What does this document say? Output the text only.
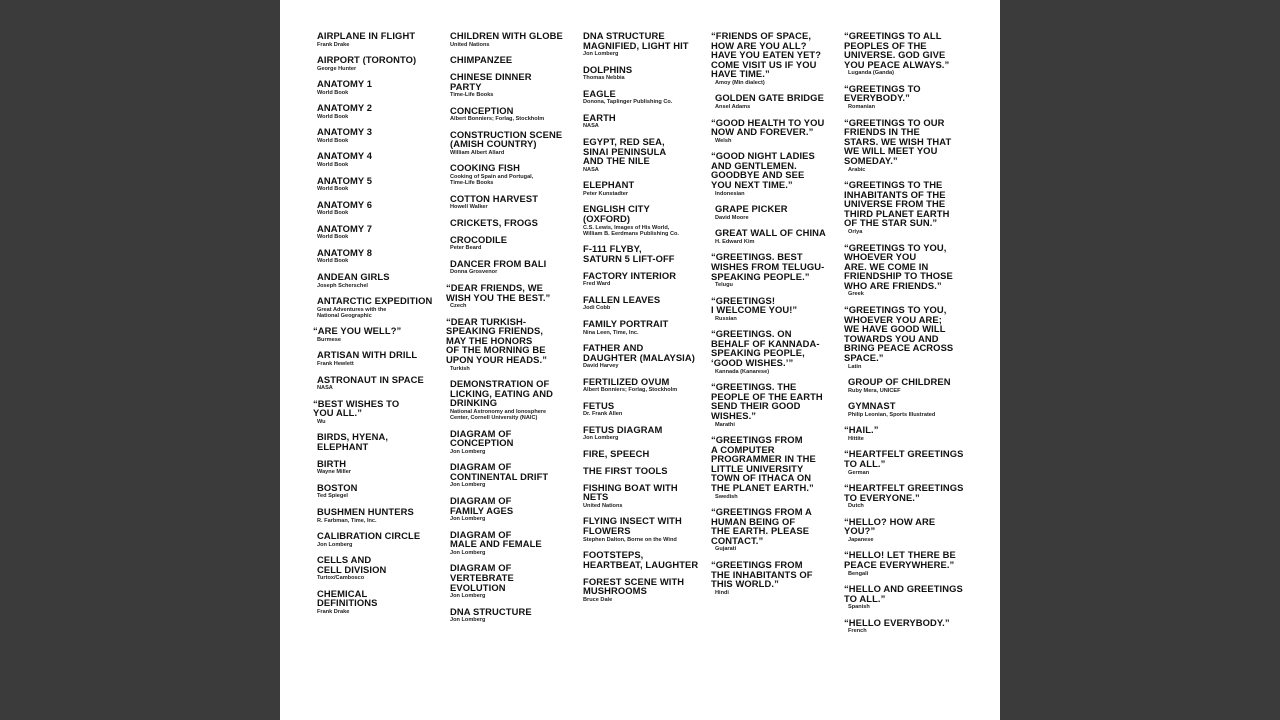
AIRPLANE IN FLIGHT
Frank Drake
AIRPORT (TORONTO)
George Hunter
ANATOMY 1
World Book
ANATOMY 2
World Book
ANATOMY 3
World Book
ANATOMY 4
World Book
ANATOMY 5
World Book
ANATOMY 6
World Book
ANATOMY 7
World Book
ANATOMY 8
World Book
ANDEAN GIRLS
Joseph Scherschel
ANTARCTIC EXPEDITION
Great Adventures with the
National Geographic
“ARE YOU WELL?”
Burmese
ARTISAN WITH DRILL
Frank Hewlett
ASTRONAUT IN SPACE
NASA
“BEST WISHES TO
YOU ALL.”
Wu
BIRDS, HYENA,
ELEPHANT
BIRTH
Wayne Miller
BOSTON
Ted Spiegel
BUSHMEN HUNTERS
R. Farbman, Time, Inc.
CALIBRATION CIRCLE
Jon Lomberg
CELLS AND
CELL DIVISION
Turtox/Cambosco
CHEMICAL
DEFINITIONS
Frank Drake
CHILDREN WITH GLOBE
United Nations
CHIMPANZEE
CHINESE DINNER
PARTY
Time-Life Books
CONCEPTION
Albert Bonniers; Forlag, Stockholm
CONSTRUCTION SCENE
(AMISH COUNTRY)
William Albert Allard
COOKING FISH
Cooking of Spain and Portugal,
Time-Life Books
COTTON HARVEST
Howell Walker
CRICKETS, FROGS
CROCODILE
Peter Beard
DANCER FROM BALI
Donna Grosvenor
“DEAR FRIENDS, WE
WISH YOU THE BEST.”
Czech
“DEAR TURKISH-
SPEAKING FRIENDS,
MAY THE HONORS
OF THE MORNING BE
UPON YOUR HEADS.”
Turkish
DEMONSTRATION OF
LICKING, EATING AND
DRINKING
National Astronomy and Ionosphere
Center, Cornell University (NAIC)
DIAGRAM OF
CONCEPTION
Jon Lomberg
DIAGRAM OF
CONTINENTAL DRIFT
Jon Lomberg
DIAGRAM OF
FAMILY AGES
Jon Lomberg
DIAGRAM OF
MALE AND FEMALE
Jon Lomberg
DIAGRAM OF
VERTEBRATE
EVOLUTION
Jon Lomberg
DNA STRUCTURE
Jon Lomberg
DNA STRUCTURE
MAGNIFIED, LIGHT HIT
Jon Lomberg
DOLPHINS
Thomas Nebbia
EAGLE
Donona, Taplinger Publishing Co.
EARTH
NASA
EGYPT, RED SEA,
SINAI PENINSULA
AND THE NILE
NASA
ELEPHANT
Peter Kunstadter
ENGLISH CITY
(OXFORD)
C.S. Lewis, Images of His World,
William B. Eerdmans Publishing Co.
F-111 FLYBY,
SATURN 5 LIFT-OFF
FACTORY INTERIOR
Fred Ward
FALLEN LEAVES
Jodi Cobb
FAMILY PORTRAIT
Nina Leen, Time, Inc.
FATHER AND
DAUGHTER (MALAYSIA)
David Harvey
FERTILIZED OVUM
Albert Bonniers; Forlag, Stockholm
FETUS
Dr. Frank Allen
FETUS DIAGRAM
Jon Lomberg
FIRE, SPEECH
THE FIRST TOOLS
FISHING BOAT WITH
NETS
United Nations
FLYING INSECT WITH
FLOWERS
Stephen Dalton, Borne on the Wind
FOOTSTEPS,
HEARTBEAT, LAUGHTER
FOREST SCENE WITH
MUSHROOMS
Bruce Dale
“FRIENDS OF SPACE,
HOW ARE YOU ALL?
HAVE YOU EATEN YET?
COME VISIT US IF YOU
HAVE TIME.”
Amoy (Min dialect)
GOLDEN GATE BRIDGE
Ansel Adams
“GOOD HEALTH TO YOU
NOW AND FOREVER.”
Welsh
“GOOD NIGHT LADIES
AND GENTLEMEN.
GOODBYE AND SEE
YOU NEXT TIME.”
Indonesian
GRAPE PICKER
David Moore
GREAT WALL OF CHINA
H. Edward Kim
“GREETINGS. BEST
WISHES FROM TELUGU-
SPEAKING PEOPLE.”
Telugu
“GREETINGS!
I WELCOME YOU!”
Russian
“GREETINGS. ON
BEHALF OF KANNADA-
SPEAKING PEOPLE,
‘GOOD WISHES.’”
Kannada (Kanarese)
“GREETINGS. THE
PEOPLE OF THE EARTH
SEND THEIR GOOD
WISHES.”
Marathi
“GREETINGS FROM
A COMPUTER
PROGRAMMER IN THE
LITTLE UNIVERSITY
TOWN OF ITHACA ON
THE PLANET EARTH.”
Swedish
“GREETINGS FROM A
HUMAN BEING OF
THE EARTH. PLEASE
CONTACT.”
Gujarati
“GREETINGS FROM
THE INHABITANTS OF
THIS WORLD.”
Hindi
“GREETINGS TO ALL
PEOPLES OF THE
UNIVERSE. GOD GIVE
YOU PEACE ALWAYS.”
Luganda (Ganda)
“GREETINGS TO
EVERYBODY.”
Romanian
“GREETINGS TO OUR
FRIENDS IN THE
STARS. WE WISH THAT
WE WILL MEET YOU
SOMEDAY.”
Arabic
“GREETINGS TO THE
INHABITANTS OF THE
UNIVERSE FROM THE
THIRD PLANET EARTH
OF THE STAR SUN.”
Oriya
“GREETINGS TO YOU,
WHOEVER YOU
ARE. WE COME IN
FRIENDSHIP TO THOSE
WHO ARE FRIENDS.”
Greek
“GREETINGS TO YOU,
WHOEVER YOU ARE;
WE HAVE GOOD WILL
TOWARDS YOU AND
BRING PEACE ACROSS
SPACE.”
Latin
GROUP OF CHILDREN
Ruby Mera, UNICEF
GYMNAST
Philip Leonian, Sports Illustrated
“HAIL.”
Hittite
“HEARTFELT GREETINGS
TO ALL.”
German
“HEARTFELT GREETINGS
TO EVERYONE.”
Dutch
“HELLO? HOW ARE
YOU?”
Japanese
“HELLO! LET THERE BE
PEACE EVERYWHERE.”
Bengali
“HELLO AND GREETINGS
TO ALL.”
Spanish
“HELLO EVERYBODY.”
French
